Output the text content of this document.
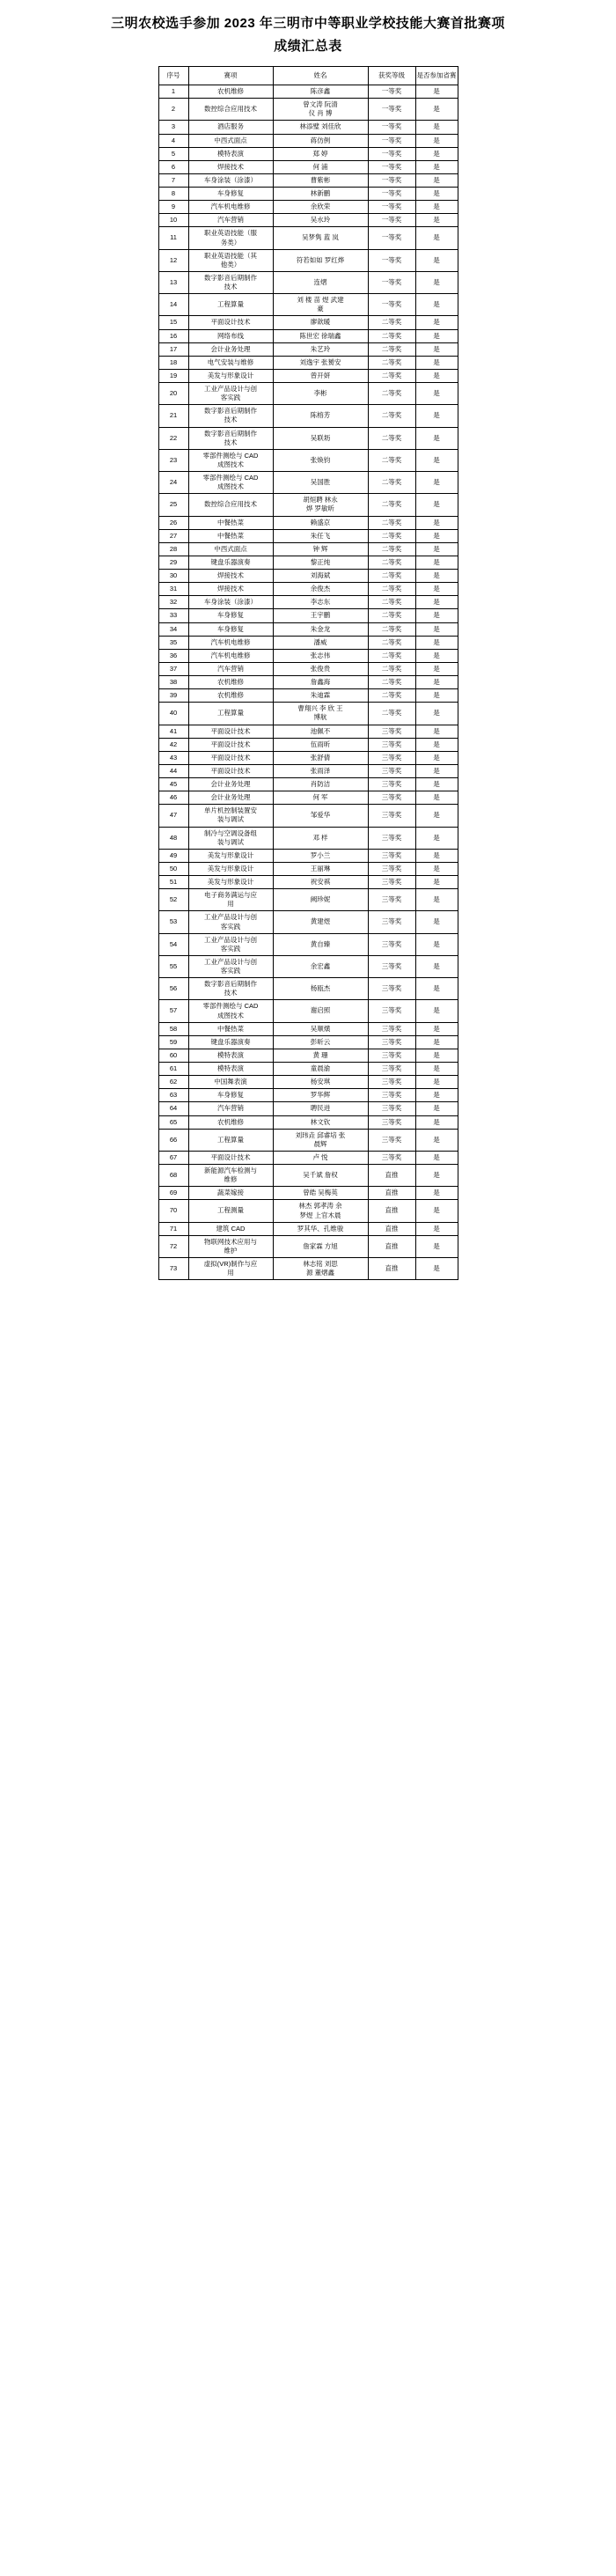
三明农校选手参加 2023 年三明市中等职业学校技能大赛首批赛项
成绩汇总表
序号	赛项	姓名	获奖等级	是否参加省赛
1	农机维修	陈彦鑫	一等奖	是
2	数控综合应用技术	曾文涛 阮清
仪 肖 博	一等奖	是
3	酒店服务	林添璧 刘佳欣	一等奖	是
4	中西式面点	蒋仿例	一等奖	是
5	模特表演	郑 婷	一等奖	是
6	焊接技术	何 浦	一等奖	是
7	车身涂装（涂漆）	曹紫彬	一等奖	是
8	车身修复	林新鹏	一等奖	是
9	汽车机电维修	余欣荣	一等奖	是
10	汽车营销	吴水玲	一等奖	是
11	职业英语技能（服
务类）	吴梦隽 蓝 岚	一等奖	是
12	职业英语技能（其
他类）	符若如如 罗红烨	一等奖	是
13	数字影音后期制作
技术	连熠	一等奖	是
14	工程算量	刘 楼 苗 煜 武建
豪	一等奖	是
15	平面设计技术	廖歆暖	二等奖	是
16	网络布线	陈世宏 徐瑞鑫	二等奖	是
17	会计业务处理	朱艺玲	二等奖	是
18	电气安装与维修	刘逸宇 张赟安	二等奖	是
19	美发与形象设计	曾开妍	二等奖	是
20	工业产品设计与创
客实践	李彬	二等奖	是
21	数字影音后期制作
技术	陈榕芳	二等奖	是
22	数字影音后期制作
技术	吴联坜	二等奖	是
23	零部件测绘与 CAD
成图技术	张焕钧	二等奖	是
24	零部件测绘与 CAD
成图技术	吴国胜	二等奖	是
25	数控综合应用技术	胡烜聘 林永
烨 罗敏昕	二等奖	是
26	中餐热菜	赖盛京	二等奖	是
27	中餐热菜	朱任飞	二等奖	是
28	中西式面点	钟 辉	二等奖	是
29	键盘乐器演奏	黎正纯	二等奖	是
30	焊接技术	刘海斌	二等奖	是
31	焊接技术	余俊杰	二等奖	是
32	车身涂装（涂漆）	李志东	二等奖	是
33	车身修复	王宇鹏	二等奖	是
34	车身修复	朱金龙	二等奖	是
35	汽车机电维修	潘威	二等奖	是
36	汽车机电维修	张志伟	二等奖	是
37	汽车营销	张俊贵	二等奖	是
38	农机维修	詹鑫海	二等奖	是
39	农机维修	朱迪霖	二等奖	是
40	工程算量	曹翔兴 李 欣 王
博航	二等奖	是
41	平面设计技术	池佩不	三等奖	是
42	平面设计技术	伍雨昕	三等奖	是
43	平面设计技术	张舒倩	三等奖	是
44	平面设计技术	张雨泽	三等奖	是
45	会计业务处理	肖防洁	三等奖	是
46	会计业务处理	何 军	三等奖	是
47	单片机控制装置安
装与调试	邹爱华	三等奖	是
48	制冷与空调设备组
装与调试	邓 样	三等奖	是
49	美发与形象设计	罗小兰	三等奖	是
50	美发与形象设计	王丽琳	三等奖	是
51	美发与形象设计	祝安祺	三等奖	是
52	电子商务满运与应
用	阙珍妮	三等奖	是
53	工业产品设计与创
客实践	黄建煜	三等奖	是
54	工业产品设计与创
客实践	黄自臻	三等奖	是
55	工业产品设计与创
客实践	余宏鑫	三等奖	是
56	数字影音后期制作
技术	杨瓯杰	三等奖	是
57	零部件测绘与 CAD
成图技术	谢启照	三等奖	是
58	中餐热菜	吴顺熿	三等奖	是
59	键盘乐器演奏	彭昕云	三等奖	是
60	模特表演	黄 珊	三等奖	是
61	模特表演	童晨渝	三等奖	是
62	中国舞表演	杨安琪	三等奖	是
63	车身修复	罗华辉	三等奖	是
64	汽车营销	聘民进	三等奖	是
65	农机维修	林文钦	三等奖	是
66	工程算量	刘玮垚 邱睿培 张
晨辉	三等奖	是
67	平面设计技术	卢 悦	三等奖	是
68	新能源汽车检测与
维修	吴千斌 詹权	直推	是
69	蔬菜嫁接	曾皓 吴梅英	直推	是
70	工程测量	林杰 郭孝涛 余
梦煜 上官木晨	直推	是
71	建筑 CAD	罗其华、孔维骏	直推	是
72	物联网技术应用与
维护	詹家霖 方旭	直推	是
73	虚拟(VR)制作与应
用	林志铭 刘思
源 董熠鑫	直推	是
